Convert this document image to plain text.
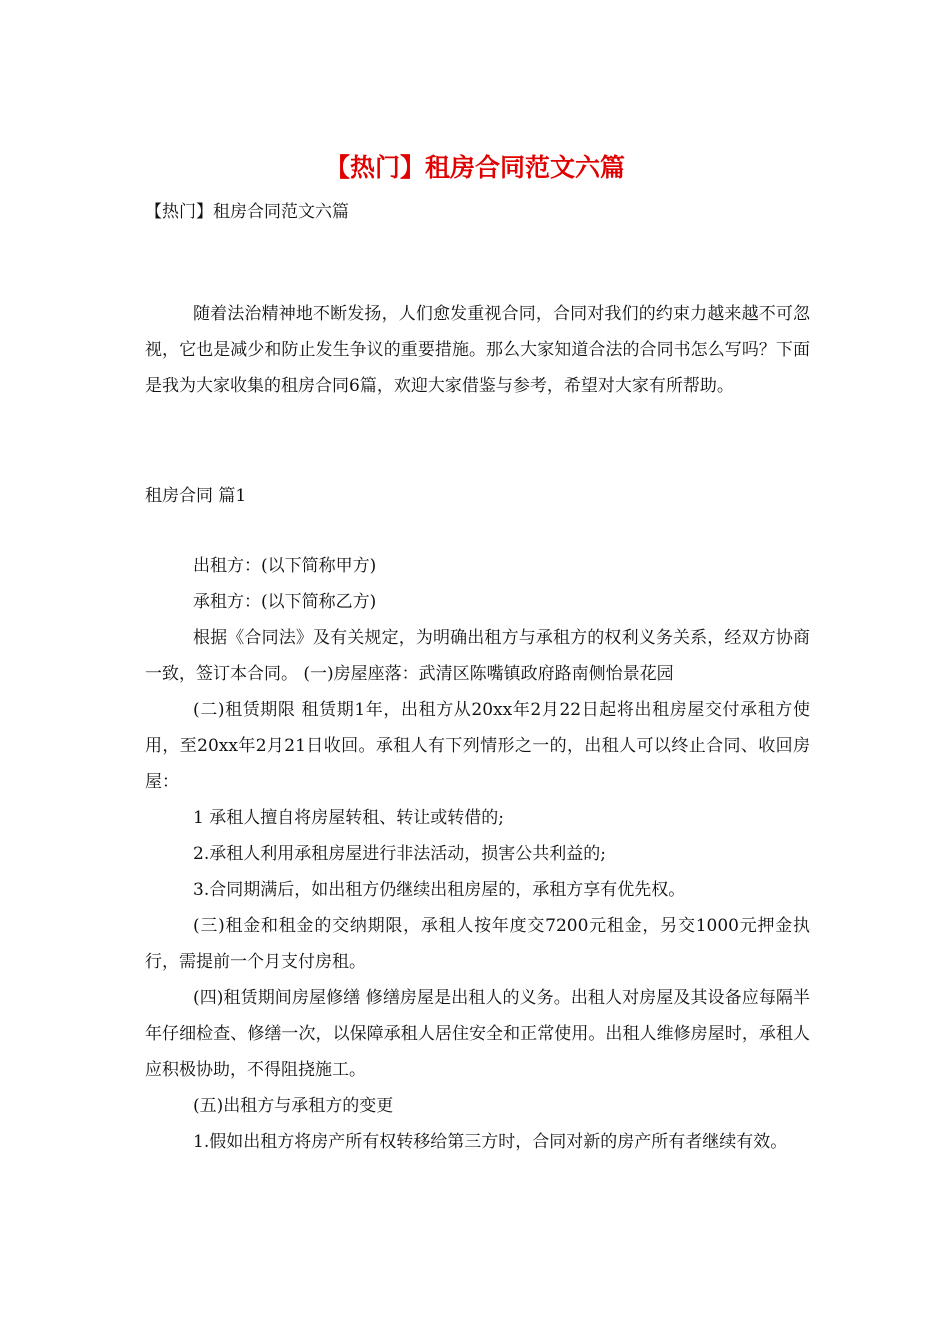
【热门】租房合同范文六篇
【热门】租房合同范文六篇

随着法治精神地不断发扬，人们愈发重视合同，合同对我们的约束力越来越不可忽视，它也是减少和防止发生争议的重要措施。那么大家知道合法的合同书怎么写吗？下面是我为大家收集的租房合同6篇，欢迎大家借鉴与参考，希望对大家有所帮助。

租房合同 篇1

出租方：(以下简称甲方)

承租方：(以下简称乙方)

根据《合同法》及有关规定，为明确出租方与承租方的权利义务关系，经双方协商一致，签订本合同。 (一)房屋座落：武清区陈嘴镇政府路南侧怡景花园

(二)租赁期限 租赁期1年，出租方从20xx年2月22日起将出租房屋交付承租方使用，至20xx年2月21日收回。承租人有下列情形之一的，出租人可以终止合同、收回房屋：

1 承租人擅自将房屋转租、转让或转借的;

2.承租人利用承租房屋进行非法活动，损害公共利益的;

3.合同期满后，如出租方仍继续出租房屋的，承租方享有优先权。

(三)租金和租金的交纳期限，承租人按年度交7200元租金，另交1000元押金执行，需提前一个月支付房租。

(四)租赁期间房屋修缮 修缮房屋是出租人的义务。出租人对房屋及其设备应每隔半年仔细检查、修缮一次，以保障承租人居住安全和正常使用。出租人维修房屋时，承租人应积极协助，不得阻挠施工。

(五)出租方与承租方的变更

1.假如出租方将房产所有权转移给第三方时，合同对新的房产所有者继续有效。
